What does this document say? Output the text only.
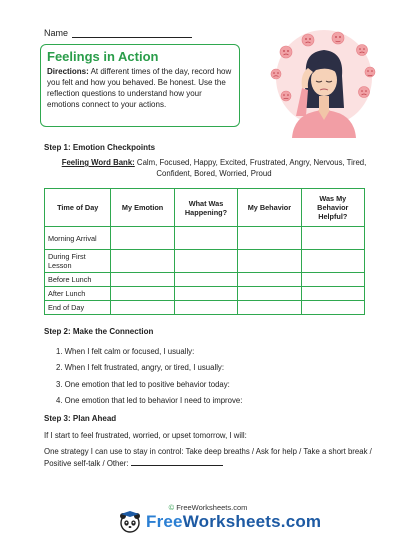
Name
Feelings in Action
Directions: At different times of the day, record how you felt and how you behaved. Be honest. Use the reflection questions to understand how your emotions connect to your actions.
Step 1: Emotion Checkpoints
Feeling Word Bank: Calm, Focused, Happy, Excited, Frustrated, Angry, Nervous, Tired, Confident, Bored, Worried, Proud
Time of Day	My Emotion	What Was Happening?	My Behavior	Was My Behavior Helpful?
Morning Arrival				
During First Lesson				
Before Lunch				
After Lunch				
End of Day				
Step 2: Make the Connection
1. When I felt calm or focused, I usually:
2. When I felt frustrated, angry, or tired, I usually:
3. One emotion that led to positive behavior today:
4. One emotion that led to behavior I need to improve:
Step 3: Plan Ahead
If I start to feel frustrated, worried, or upset tomorrow, I will:
One strategy I can use to stay in control: Take deep breaths / Ask for help / Take a short break / Positive self-talk / Other:
© FreeWorksheets.com
FreeWorksheets.com
